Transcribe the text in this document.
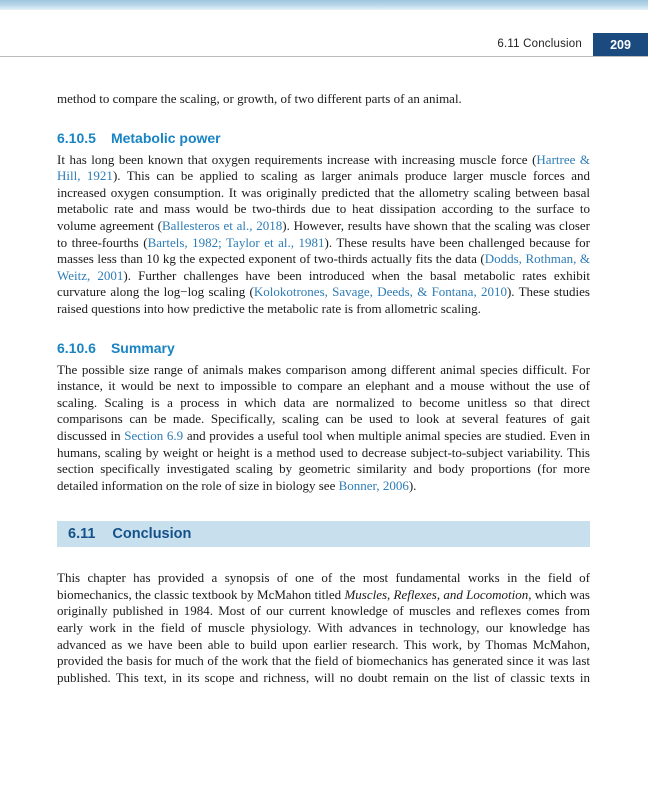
6.11 Conclusion 209

method to compare the scaling, or growth, of two different parts of an animal.

6.10.5 Metabolic power

It has long been known that oxygen requirements increase with increasing muscle force (Hartree & Hill, 1921). This can be applied to scaling as larger animals produce larger muscle forces and increased oxygen consumption. It was originally predicted that the allometry scaling between basal metabolic rate and mass would be two-thirds due to heat dissipation according to the surface to volume agreement (Ballesteros et al., 2018). However, results have shown that the scaling was closer to three-fourths (Bartels, 1982; Taylor et al., 1981). These results have been challenged because for masses less than 10 kg the expected exponent of two-thirds actually fits the data (Dodds, Rothman, & Weitz, 2001). Further challenges have been introduced when the basal metabolic rates exhibit curvature along the log−log scaling (Kolokotrones, Savage, Deeds, & Fontana, 2010). These studies raised questions into how predictive the metabolic rate is from allometric scaling.

6.10.6 Summary

The possible size range of animals makes comparison among different animal species difficult. For instance, it would be next to impossible to compare an elephant and a mouse without the use of scaling. Scaling is a process in which data are normalized to become unitless so that direct comparisons can be made. Specifically, scaling can be used to look at several features of gait discussed in Section 6.9 and provides a useful tool when multiple animal species are studied. Even in humans, scaling by weight or height is a method used to decrease subject-to-subject variability. This section specifically investigated scaling by geometric similarity and body proportions (for more detailed information on the role of size in biology see Bonner, 2006).

6.11 Conclusion

This chapter has provided a synopsis of one of the most fundamental works in the field of biomechanics, the classic textbook by McMahon titled Muscles, Reflexes, and Locomotion, which was originally published in 1984. Most of our current knowledge of muscles and reflexes comes from early work in the field of muscle physiology. With advances in technology, our knowledge has advanced as we have been able to build upon earlier research. This work, by Thomas McMahon, provided the basis for much of the work that the field of biomechanics has generated since it was last published. This text, in its scope and richness, will no doubt remain on the list of classic texts in
